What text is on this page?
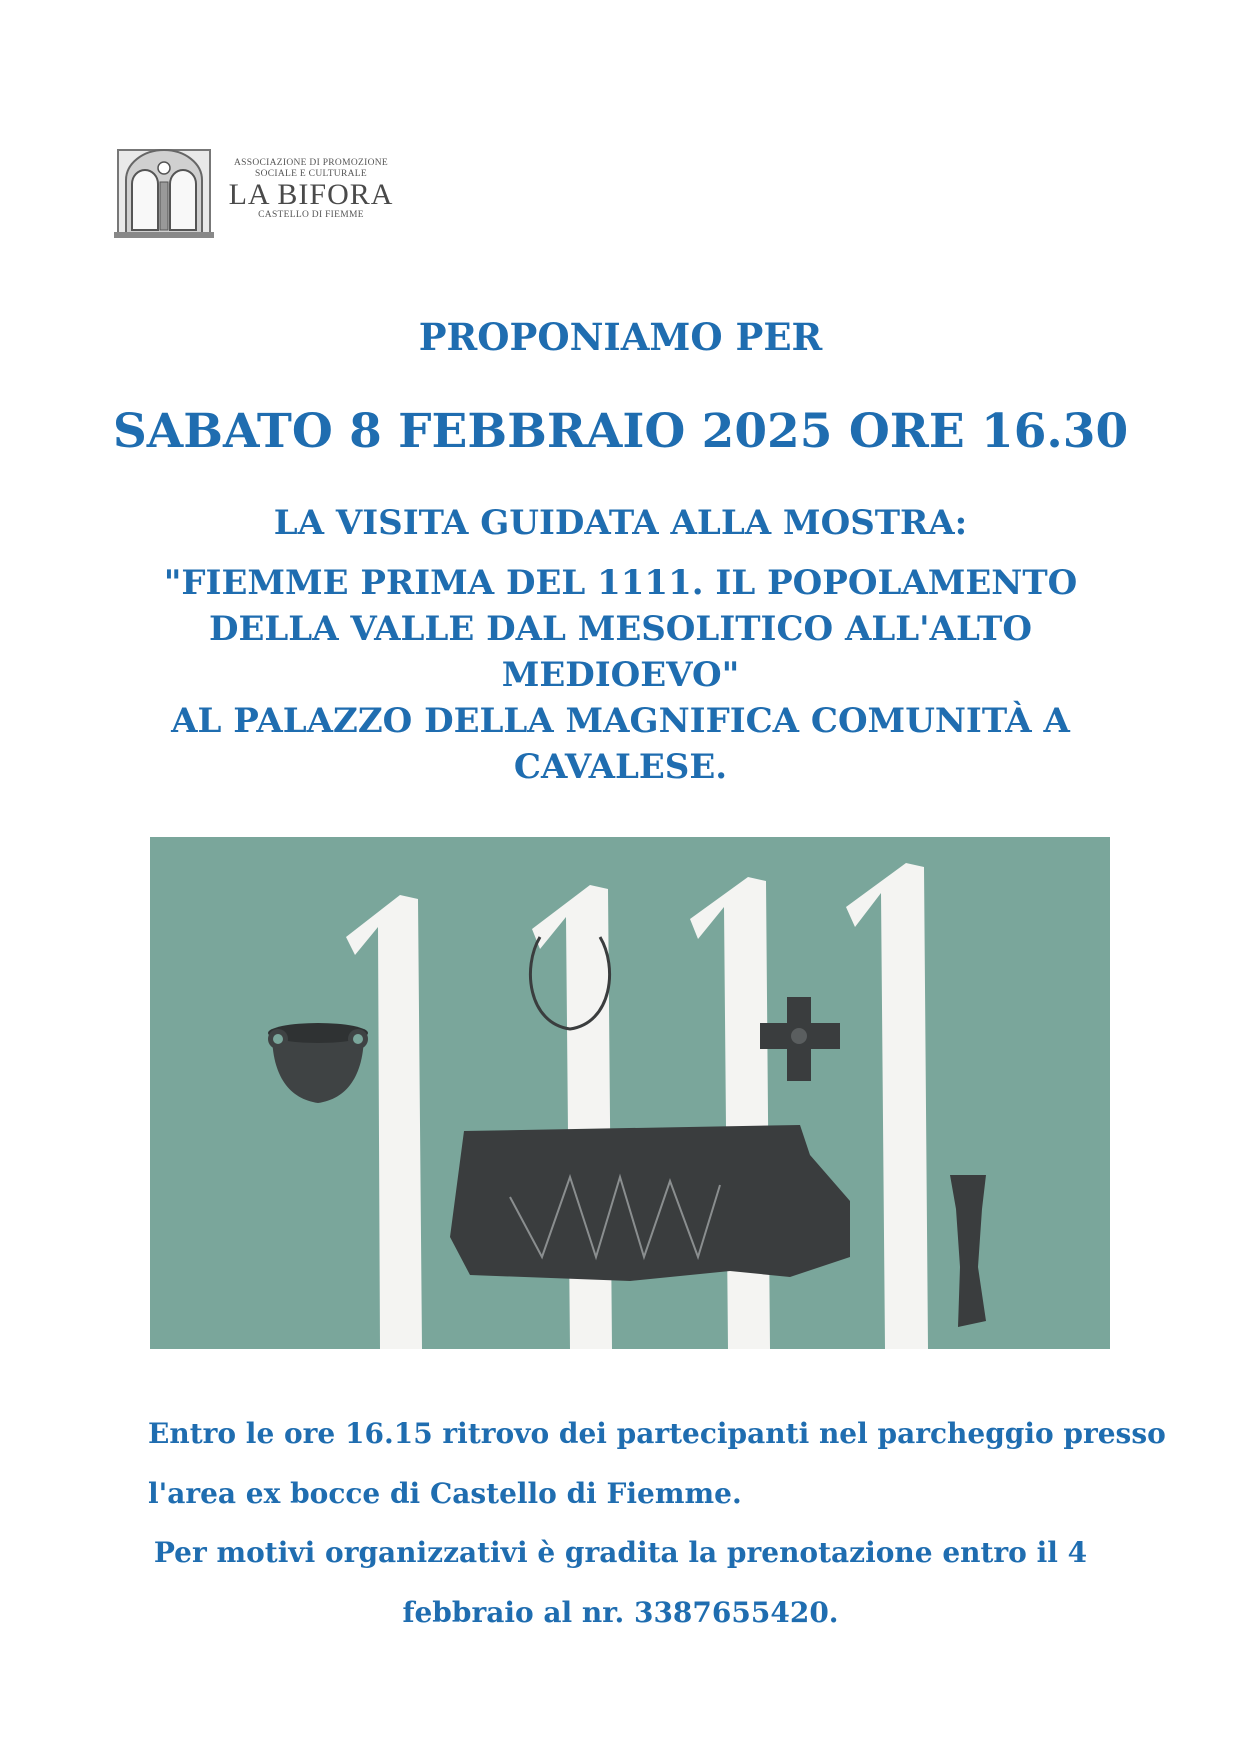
ASSOCIAZIONE DI PROMOZIONE
SOCIALE E CULTURALE
LA BIFORA
CASTELLO DI FIEMME
PROPONIAMO PER
SABATO 8 FEBBRAIO 2025 ORE 16.30
LA VISITA GUIDATA ALLA MOSTRA:
"FIEMME PRIMA DEL 1111. IL POPOLAMENTO
DELLA VALLE DAL MESOLITICO ALL'ALTO
MEDIOEVO"
AL PALAZZO DELLA MAGNIFICA COMUNITÀ A
CAVALESE.
Entro le ore 16.15 ritrovo dei partecipanti nel parcheggio presso
l'area ex bocce di Castello di Fiemme.
Per motivi organizzativi è gradita la prenotazione entro il 4
febbraio al nr. 3387655420.
